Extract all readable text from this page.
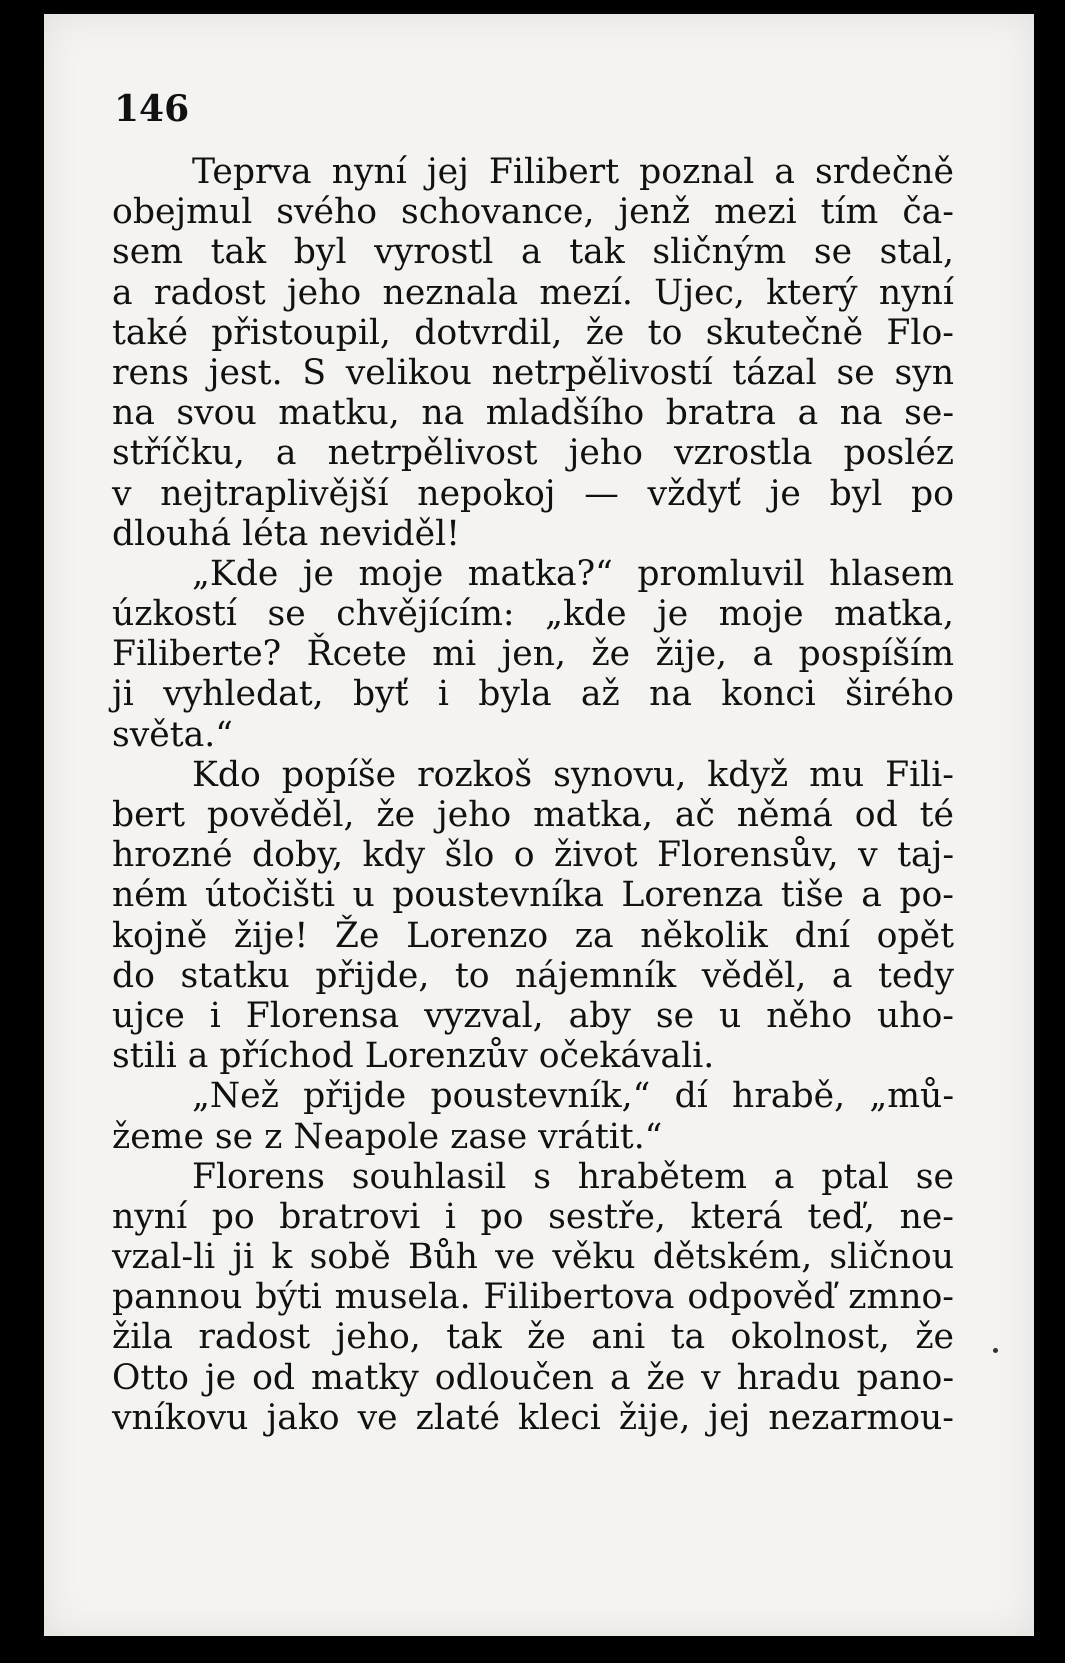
146
Teprva nyní jej Filibert poznal a srdečně
obejmul svého schovance, jenž mezi tím ča-
sem tak byl vyrostl a tak sličným se stal,
a radost jeho neznala mezí. Ujec, který nyní
také přistoupil, dotvrdil, že to skutečně Flo-
rens jest. S velikou netrpělivostí tázal se syn
na svou matku, na mladšího bratra a na se-
stříčku, a netrpělivost jeho vzrostla posléz
v nejtraplivější nepokoj — vždyť je byl po
dlouhá léta neviděl!
„Kde je moje matka?“ promluvil hlasem
úzkostí se chvějícím: „kde je moje matka,
Filiberte? Řcete mi jen, že žije, a pospíším
ji vyhledat, byť i byla až na konci širého
světa.“
Kdo popíše rozkoš synovu, když mu Fili-
bert pověděl, že jeho matka, ač němá od té
hrozné doby, kdy šlo o život Florensův, v taj-
ném útočišti u poustevníka Lorenza tiše a po-
kojně žije! Že Lorenzo za několik dní opět
do statku přijde, to nájemník věděl, a tedy
ujce i Florensa vyzval, aby se u něho uho-
stili a příchod Lorenzův očekávali.
„Než přijde poustevník,“ dí hrabě, „mů-
žeme se z Neapole zase vrátit.“
Florens souhlasil s hrabětem a ptal se
nyní po bratrovi i po sestře, která teď, ne-
vzal-li ji k sobě Bůh ve věku dětském, sličnou
pannou býti musela. Filibertova odpověď zmno-
žila radost jeho, tak že ani ta okolnost, že
Otto je od matky odloučen a že v hradu pano-
vníkovu jako ve zlaté kleci žije, jej nezarmou-
